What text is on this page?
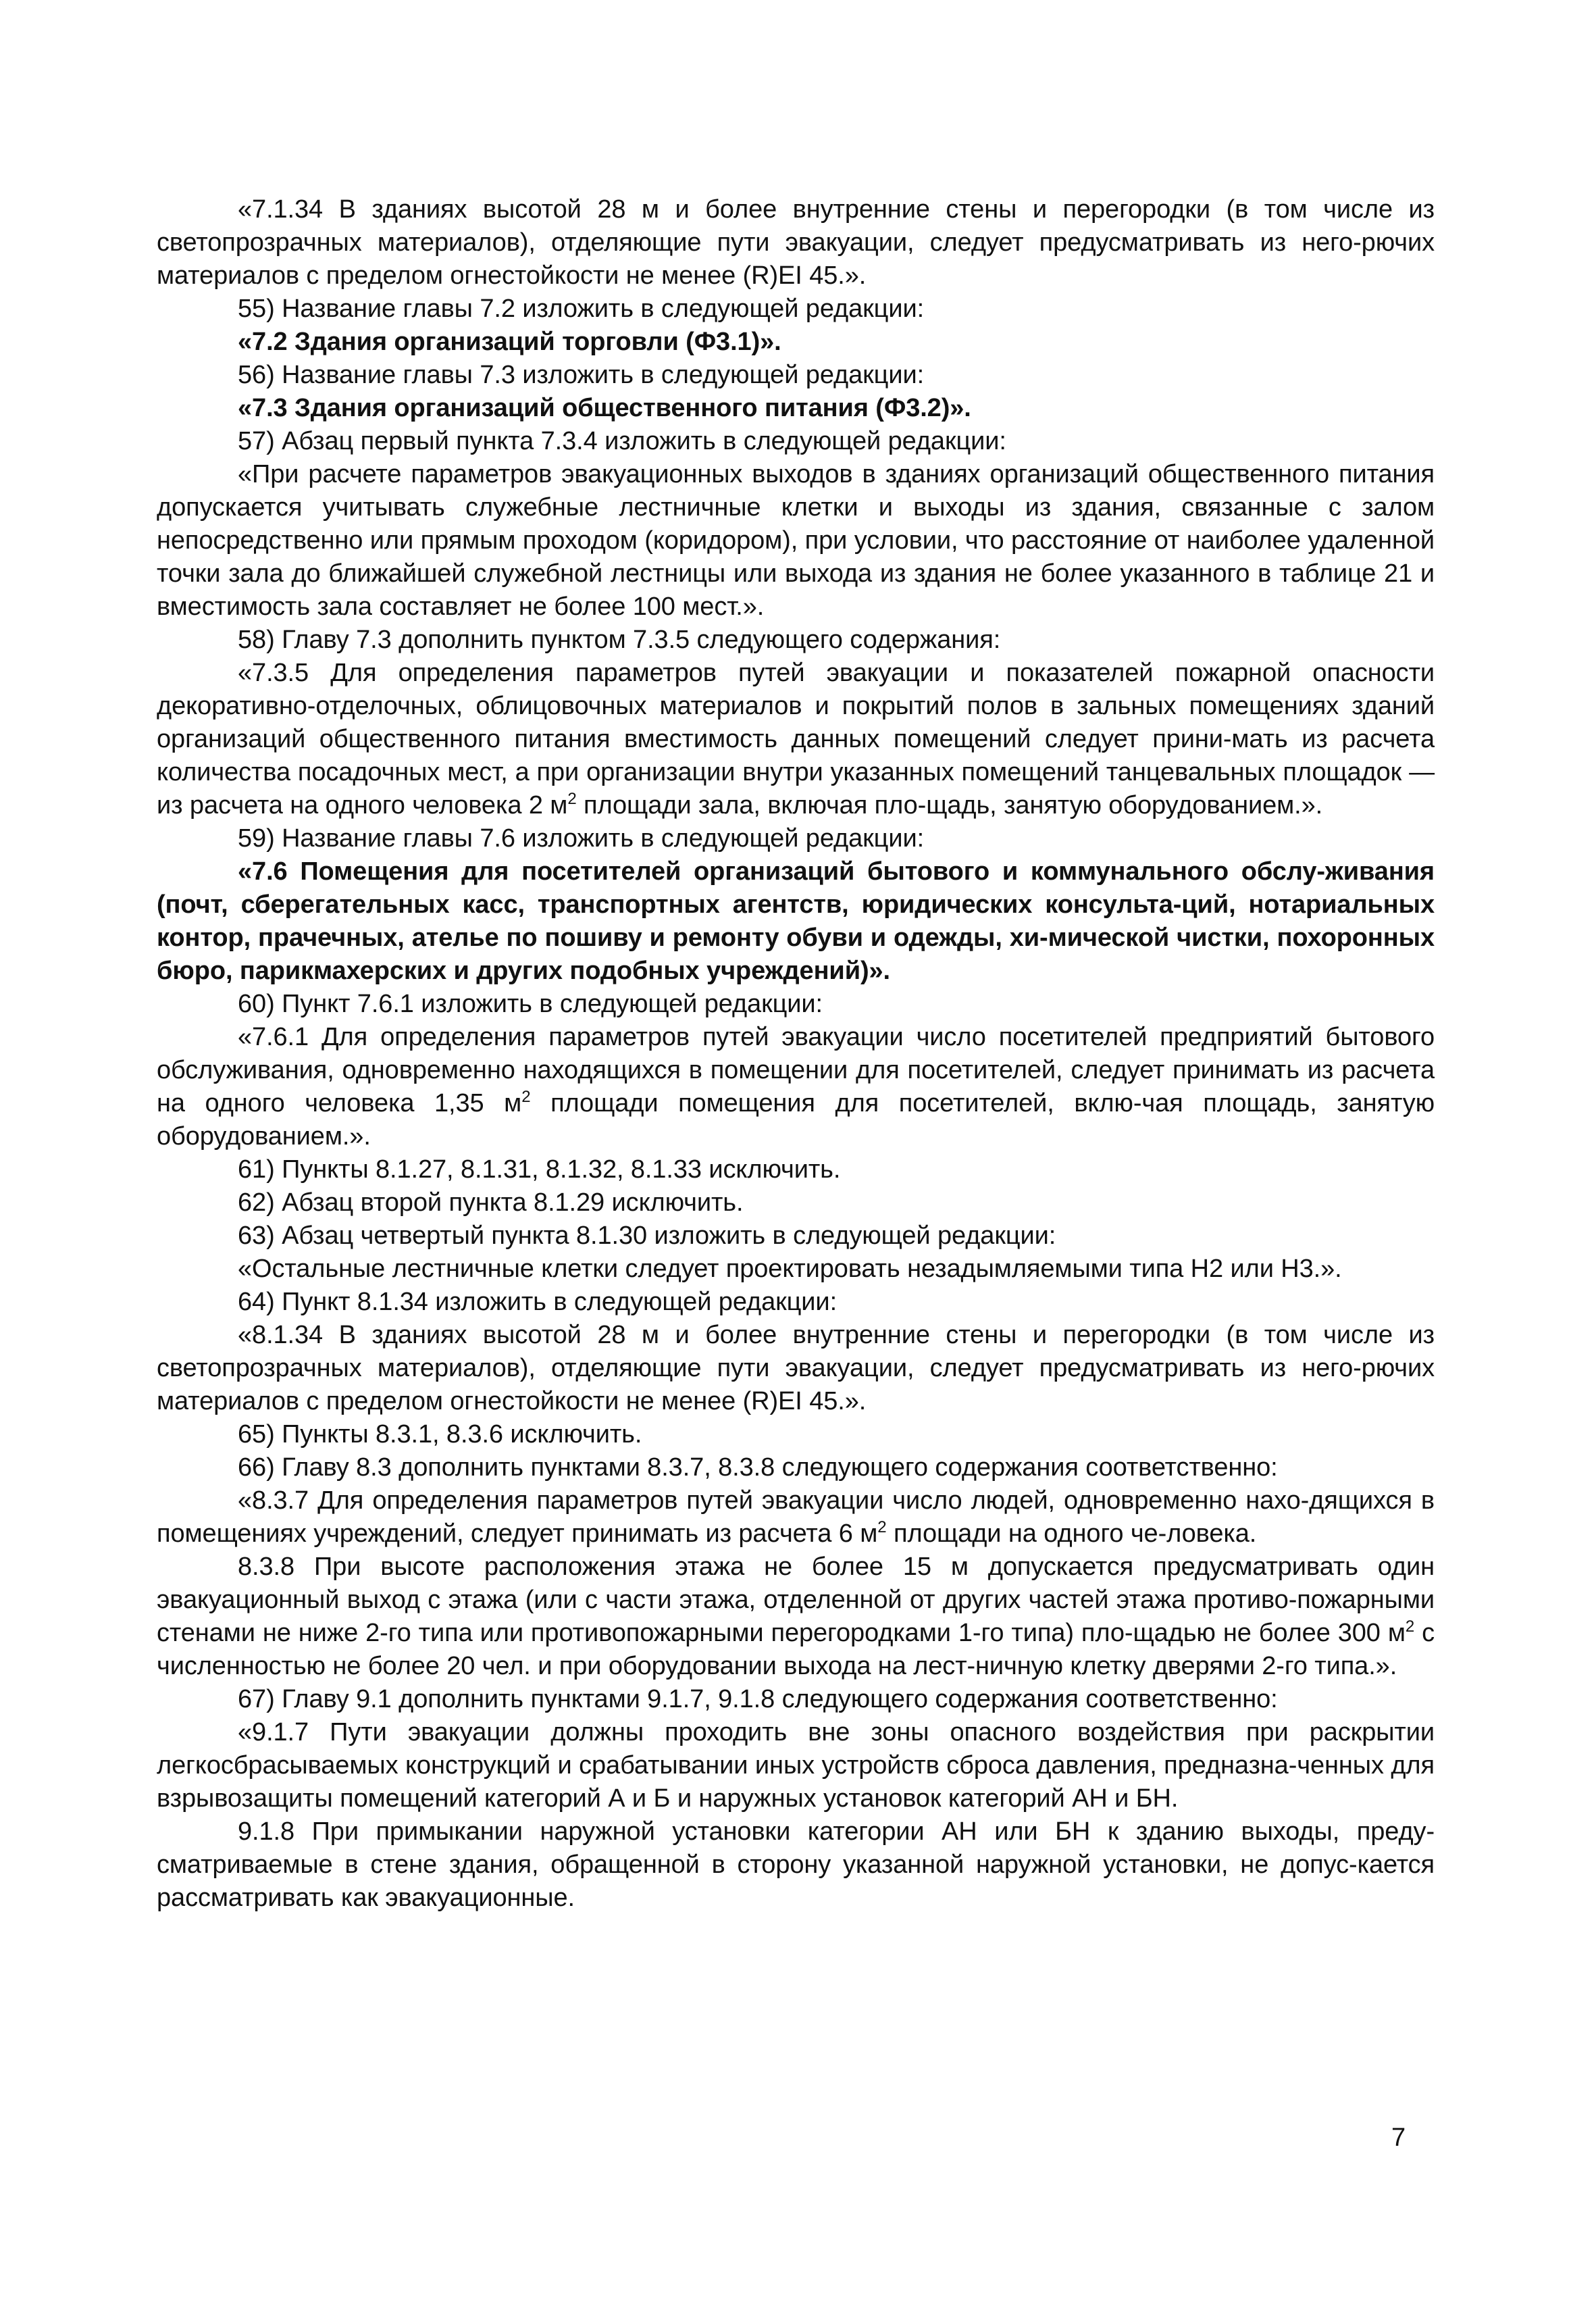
«7.1.34 В зданиях высотой 28 м и более внутренние стены и перегородки (в том числе из светопрозрачных материалов), отделяющие пути эвакуации, следует предусматривать из него-рючих материалов с пределом огнестойкости не менее (R)EI 45.».

55) Название главы 7.2 изложить в следующей редакции:

«7.2 Здания организаций торговли (Ф3.1)».

56) Название главы 7.3 изложить в следующей редакции:

«7.3 Здания организаций общественного питания (Ф3.2)».

57) Абзац первый пункта 7.3.4 изложить в следующей редакции:

«При расчете параметров эвакуационных выходов в зданиях организаций общественного питания допускается учитывать служебные лестничные клетки и выходы из здания, связанные с залом непосредственно или прямым проходом (коридором), при условии, что расстояние от наиболее удаленной точки зала до ближайшей служебной лестницы или выхода из здания не более указанного в таблице 21 и вместимость зала составляет не более 100 мест.».

58) Главу 7.3 дополнить пунктом 7.3.5 следующего содержания:

«7.3.5 Для определения параметров путей эвакуации и показателей пожарной опасности декоративно-отделочных, облицовочных материалов и покрытий полов в зальных помещениях зданий организаций общественного питания вместимость данных помещений следует прини-мать из расчета количества посадочных мест, а при организации внутри указанных помещений танцевальных площадок — из расчета на одного человека 2 $м^2$ площади зала, включая пло-щадь, занятую оборудованием.».

59) Название главы 7.6 изложить в следующей редакции:

«7.6 Помещения для посетителей организаций бытового и коммунального обслу-живания (почт, сберегательных касс, транспортных агентств, юридических консульта-ций, нотариальных контор, прачечных, ателье по пошиву и ремонту обуви и одежды, хи-мической чистки, похоронных бюро, парикмахерских и других подобных учреждений)».

60) Пункт 7.6.1 изложить в следующей редакции:

«7.6.1 Для определения параметров путей эвакуации число посетителей предприятий бытового обслуживания, одновременно находящихся в помещении для посетителей, следует принимать из расчета на одного человека 1,35 $м^2$ площади помещения для посетителей, вклю-чая площадь, занятую оборудованием.».

61) Пункты 8.1.27, 8.1.31, 8.1.32, 8.1.33 исключить.

62) Абзац второй пункта 8.1.29 исключить.

63) Абзац четвертый пункта 8.1.30 изложить в следующей редакции:

«Остальные лестничные клетки следует проектировать незадымляемыми типа Н2 или Н3.».

64) Пункт 8.1.34 изложить в следующей редакции:

«8.1.34 В зданиях высотой 28 м и более внутренние стены и перегородки (в том числе из светопрозрачных материалов), отделяющие пути эвакуации, следует предусматривать из него-рючих материалов с пределом огнестойкости не менее (R)EI 45.».

65) Пункты 8.3.1, 8.3.6 исключить.

66) Главу 8.3 дополнить пунктами 8.3.7, 8.3.8 следующего содержания соответственно:

«8.3.7 Для определения параметров путей эвакуации число людей, одновременно нахо-дящихся в помещениях учреждений, следует принимать из расчета 6 $м^2$ площади на одного че-ловека.

8.3.8 При высоте расположения этажа не более 15 м допускается предусматривать один эвакуационный выход с этажа (или с части этажа, отделенной от других частей этажа противо-пожарными стенами не ниже 2-го типа или противопожарными перегородками 1-го типа) пло-щадью не более 300 $м^2$ с численностью не более 20 чел. и при оборудовании выхода на лест-ничную клетку дверями 2-го типа.».

67) Главу 9.1 дополнить пунктами 9.1.7, 9.1.8 следующего содержания соответственно:

«9.1.7 Пути эвакуации должны проходить вне зоны опасного воздействия при раскрытии легкосбрасываемых конструкций и срабатывании иных устройств сброса давления, предназна-ченных для взрывозащиты помещений категорий А и Б и наружных установок категорий АН и БН.

9.1.8 При примыкании наружной установки категории АН или БН к зданию выходы, преду-сматриваемые в стене здания, обращенной в сторону указанной наружной установки, не допус-кается рассматривать как эвакуационные.

7
